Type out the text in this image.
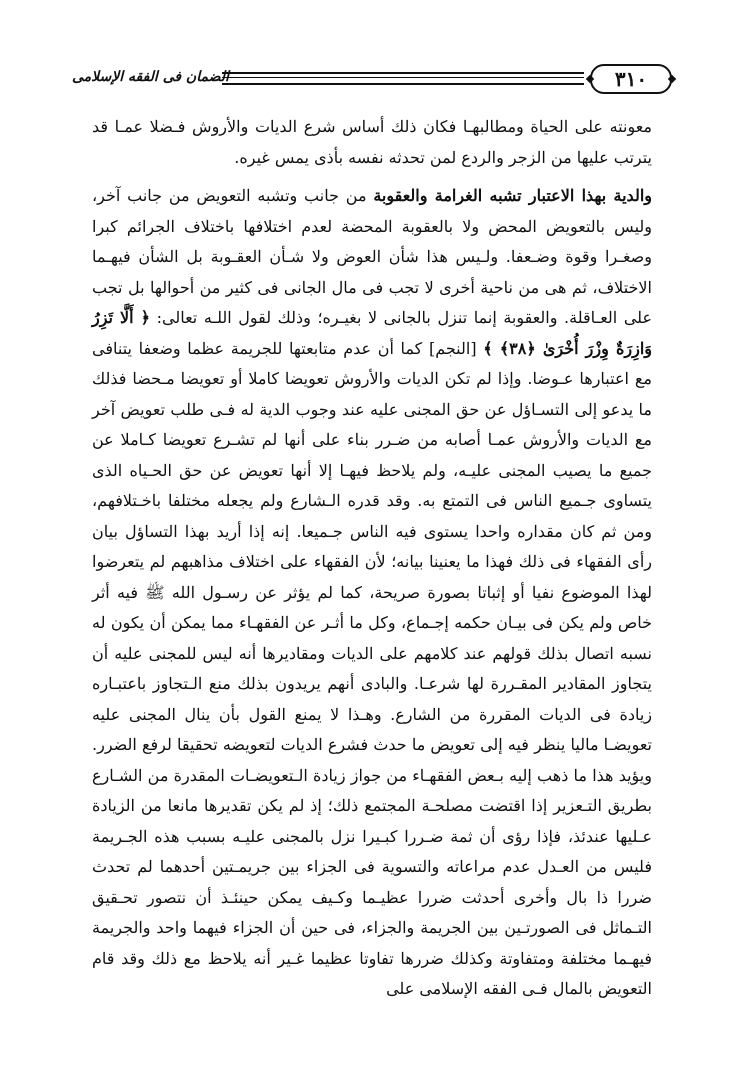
الضمان فى الفقه الإسلامى	٣١٠

معونته على الحياة ومطالبهـا فكان ذلك أساس شرع الديات والأروش فـضلا عمـا قد يترتب عليها من الزجر والردع لمن تحدثه نفسه بأذى يمس غيره.

والدية بهذا الاعتبار تشبه الغرامة والعقوبة من جانب وتشبه التعويض من جانب آخر، وليس بالتعويض المحض ولا بالعقوبة المحضة لعدم اختلافها باختلاف الجرائم كبرا وصغـرا وقوة وضـعفا. ولـيس هذا شأن العوض ولا شـأن العقـوبة بل الشأن فيهـما الاختلاف، ثم هى من ناحية أخرى لا تجب فى مال الجانى فى كثير من أحوالها بل تجب على العـاقلة. والعقوبة إنما تنزل بالجانى لا بغيـره؛ وذلك لقول اللـه تعالى: ﴿ أَلَّا تَزِرُ وَازِرَةٌ وِزْرَ أُخْرَىٰ ﴿٣٨﴾ ﴾ [النجم] كما أن عدم متابعتها للجريمة عظما وضعفا يتنافى مع اعتبارها عـوضا. وإذا لم تكن الديات والأروش تعويضا كاملا أو تعويضا مـحضا فذلك ما يدعو إلى التسـاؤل عن حق المجنى عليه عند وجوب الدية له فـى طلب تعويض آخر مع الديات والأروش عمـا أصابه من ضـرر بناء على أنها لم تشـرع تعويضا كـاملا عن جميع ما يصيب المجنى عليـه، ولم يلاحظ فيهـا إلا أنها تعويض عن حق الحـياه الذى يتساوى جـميع الناس فى التمتع به. وقد قدره الـشارع ولم يجعله مختلفا باخـتلافهم، ومن ثم كان مقداره واحدا يستوى فيه الناس جـميعا. إنه إذا أريد بهذا التساؤل بيان رأى الفقهاء فى ذلك فهذا ما يعنينا بيانه؛ لأن الفقهاء على اختلاف مذاهبهم لم يتعرضوا لهذا الموضوع نفيا أو إثباتا بصورة صريحة، كما لم يؤثر عن رسـول الله ﷺ فيه أثر خاص ولم يكن فى بيـان حكمه إجـماع، وكل ما أثـر عن الفقهـاء مما يمكن أن يكون له نسبه اتصال بذلك قولهم عند كلامهم على الديات ومقاديرها أنه ليس للمجنى عليه أن يتجاوز المقادير المقـررة لها شرعـا. والبادى أنهم يريدون بذلك منع الـتجاوز باعتبـاره زيادة فى الديات المقررة من الشارع. وهـذا لا يمنع القول بأن ينال المجنى عليه تعويضـا ماليا ينظر فيه إلى تعويض ما حدث فشرع الديات لتعويضه تحقيقا لرفع الضرر. ويؤيد هذا ما ذهب إليه بـعض الفقهـاء من جواز زيادة الـتعويضـات المقدرة من الشـارع بطريق التـعزير إذا اقتضت مصلحـة المجتمع ذلك؛ إذ لم يكن تقديرها مانعا من الزيادة عـليها عندئذ، فإذا رؤى أن ثمة ضـررا كبـيرا نزل بالمجنى عليـه بسبب هذه الجـريمة فليس من العـدل عدم مراعاته والتسوية فى الجزاء بين جريمـتين أحدهما لم تحدث ضررا ذا بال وأخرى أحدثت ضررا عظيـما وكـيف يمكن حينئـذ أن نتصور تحـقيق التـماثل فى الصورتـين بين الجريمة والجزاء، فى حين أن الجزاء فيهما واحد والجريمة فيهـما مختلفة ومتفاوتة وكذلك ضررها تفاوتا عظيما غـير أنه يلاحظ مع ذلك وقد قام التعويض بالمال فـى الفقه الإسلامى على
